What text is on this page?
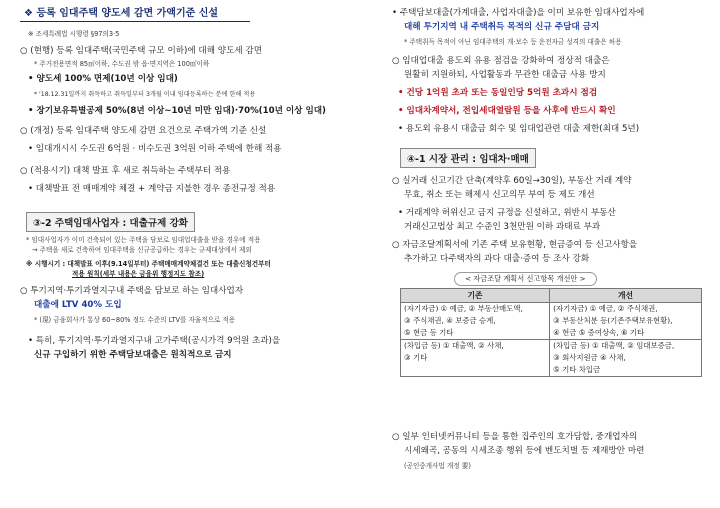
❖ 등록 임대주택 양도세 감면 가액기준 신설
※ 조세특례법 시행령 §97의3·5
○ (현행) 등록 임대주택(국민주택 규모 이하)에 대해 양도세 감면
* 주거전용면적 85㎡이하, 수도권 밖 읍·면지역은 100㎡이하
• 양도세 100% 면제(10년 이상 임대)
* '18.12.31일까지 취득하고 취득일부터 3개월 이내 임대등록하는 분에 한해 적용
• 장기보유특별공제 50%(8년 이상~10년 미만 임대)·70%(10년 이상 임대)
○ (개정) 등록 임대주택 양도세 감면 요건으로 주택가액 기준 신설
• 임대개시시 수도권 6억원 · 비수도권 3억원 이하 주택에 한해 적용
○ (적용시기) 대책 발표 후 새로 취득하는 주택부터 적용
• 대책발표 전 매매계약 체결 + 계약금 지불한 경우 종전규정 적용
③-2 주택임대사업자 : 대출규제 강화
* 임대사업자가 이미 건축되어 있는 주택을 담보로 임대업대출을 받을 경우에 적용
→ 주택을 새로 건축하여 임대주택을 신규공급하는 경우는 규제대상에서 제외
※ 시행시기 : 대책발표 이후(9.14일부터) 주택매매계약체결건 또는 대출신청건부터
적용 원칙(세부 내용은 금융위 행정지도 참조)
○ 투기지역·투기과열지구내 주택을 담보로 하는 임대사업자
대출에 LTV 40% 도입
* (現) 금융회사가 통상 60~80% 정도 수준의 LTV를 자율적으로 적용
• 특히, 투기지역·투기과열지구내 고가주택(공시가격 9억원 초과)을
신규 구입하기 위한 주택담보대출은 원칙적으로 금지
• 주택담보대출(가계대출, 사업자대출)을 이미 보유한 임대사업자에
대해 투기지역 내 주택취득 목적의 신규 주담대 금지
* 주택취득 목적이 아닌 임대주택의 개·보수 등 운전자금 성격의 대출은 허용
○ 임대업대출 용도외 유용 점검을 강화하여 정상적 대출은
원활히 지원하되, 사업활동과 무관한 대출금 사용 방지
• 건당 1억원 초과 또는 동일인당 5억원 초과시 점검
• 임대차계약서, 전입세대열람원 등을 사후에 반드시 확인
• 용도외 유용시 대출금 회수 및 임대업관련 대출 제한(최대 5년)
④-1 시장 관리 : 임대차·매매
○ 실거래 신고기간 단축(계약후 60일→30일), 부동산 거래 계약
무효, 취소 또는 해제시 신고의무 부여 등 제도 개선
• 거래계약 허위신고 금지 규정을 신설하고, 위반시 부동산
거래신고법상 최고 수준인 3천만원 이하 과태료 부과
○ 자금조달계획서에 기존 주택 보유현황, 현금증여 등 신고사항을
추가하고 다주택자의 과다 대출·증여 등 조사 강화
< 자금조달 계획서 신고항목 개선안 >
기존	개선
(자기자금) ① 예금, ② 부동산매도액,	(자기자금) ① 예금, ② 주식채권,
③ 주식채권, ④ 보증금 승계,	③ 부동산처분 등(기존주택보유현황),
⑤ 현금 등 기타	④ 현금 ⑤ 증여상속, ⑥ 기타
(차입금 등) ① 대출액, ② 사채,	(차입금 등) ① 대출액, ② 임대보증금,
③ 기타	③ 회사지원금 ④ 사채,
	⑤ 기타 차입금
○ 일부 인터넷커뮤니티 등을 통한 집주인의 호가담합, 중개업자의
시세왜곡, 공동의 시세조종 행위 등에 벤도치벌 등 제재방안 마련
(공인중개사법 개정 要)
